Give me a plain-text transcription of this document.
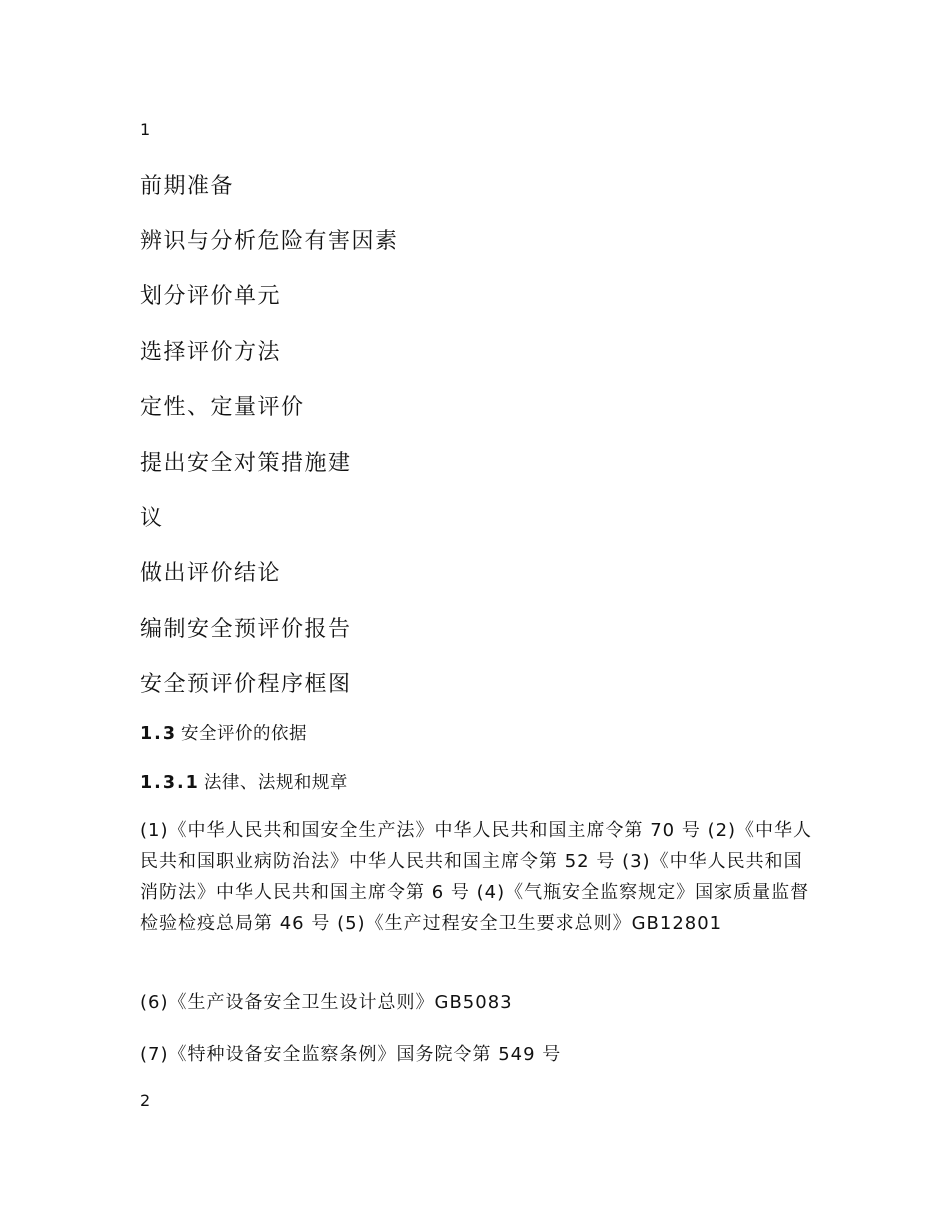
1
前期准备
辨识与分析危险有害因素
划分评价单元
选择评价方法
定性、定量评价
提出安全对策措施建
议
做出评价结论
编制安全预评价报告
安全预评价程序框图
1.3 安全评价的依据
1.3.1 法律、法规和规章
(1)《中华人民共和国安全生产法》中华人民共和国主席令第 70 号 (2)《中华人民共和国职业病防治法》中华人民共和国主席令第 52 号 (3)《中华人民共和国消防法》中华人民共和国主席令第 6 号 (4)《气瓶安全监察规定》国家质量监督检验检疫总局第 46 号 (5)《生产过程安全卫生要求总则》GB12801
(6)《生产设备安全卫生设计总则》GB5083
(7)《特种设备安全监察条例》国务院令第 549 号
2
